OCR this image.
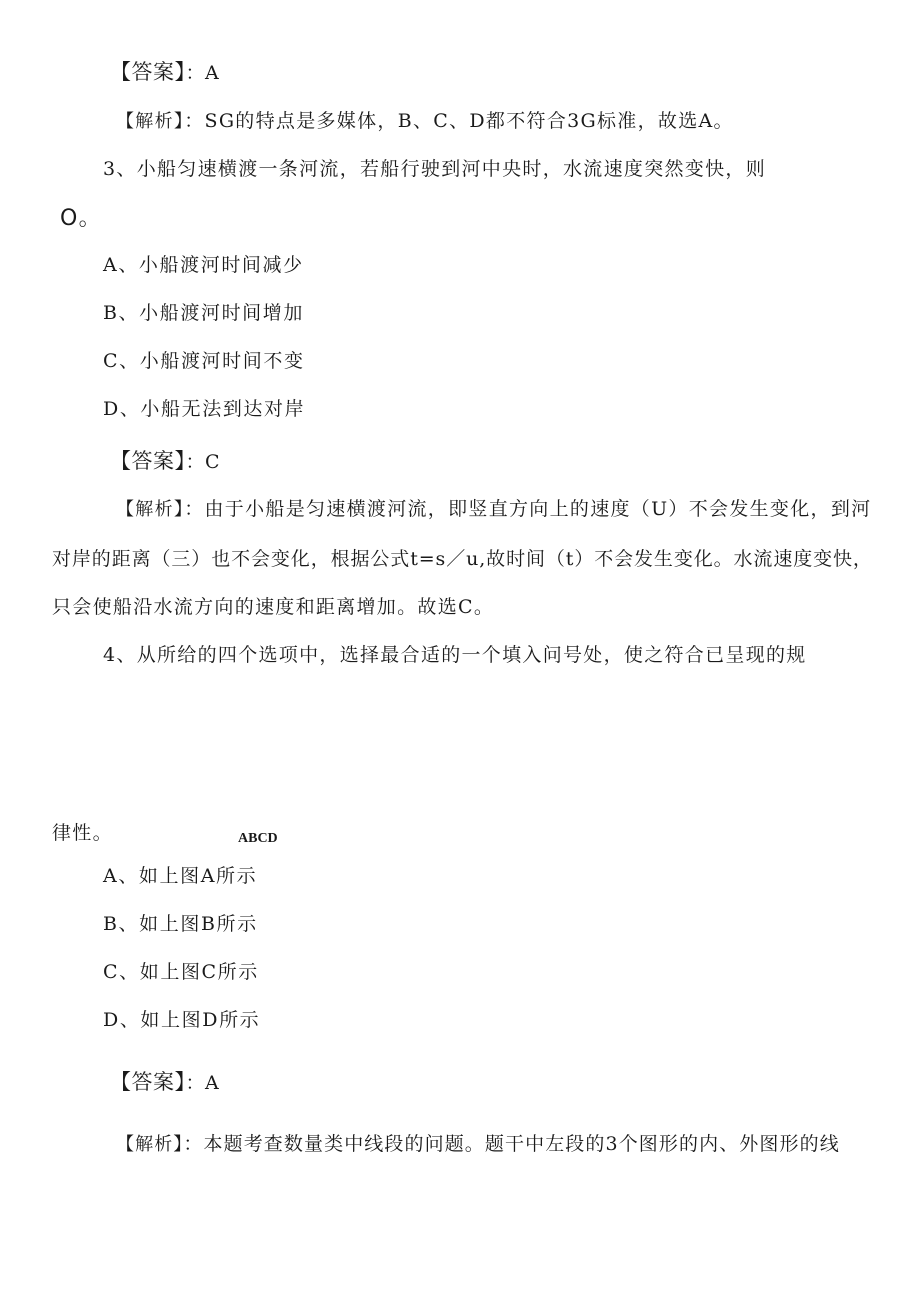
【答案】：A
【解析】：SG的特点是多媒体，B、C、D都不符合3G标准，故选A。
3、小船匀速横渡一条河流，若船行驶到河中央时，水流速度突然变快，则
O。
A、小船渡河时间减少
B、小船渡河时间增加
C、小船渡河时间不变
D、小船无法到达对岸
【答案】：C
【解析】：由于小船是匀速横渡河流，即竖直方向上的速度（U）不会发生变化，到河
对岸的距离（三）也不会变化，根据公式t=s／u,故时间（t）不会发生变化。水流速度变快，
只会使船沿水流方向的速度和距离增加。故选C。
4、从所给的四个选项中，选择最合适的一个填入问号处，使之符合已呈现的规
律性。	ABCD
A、如上图A所示
B、如上图B所示
C、如上图C所示
D、如上图D所示
【答案】：A
【解析】：本题考查数量类中线段的问题。题干中左段的3个图形的内、外图形的线
